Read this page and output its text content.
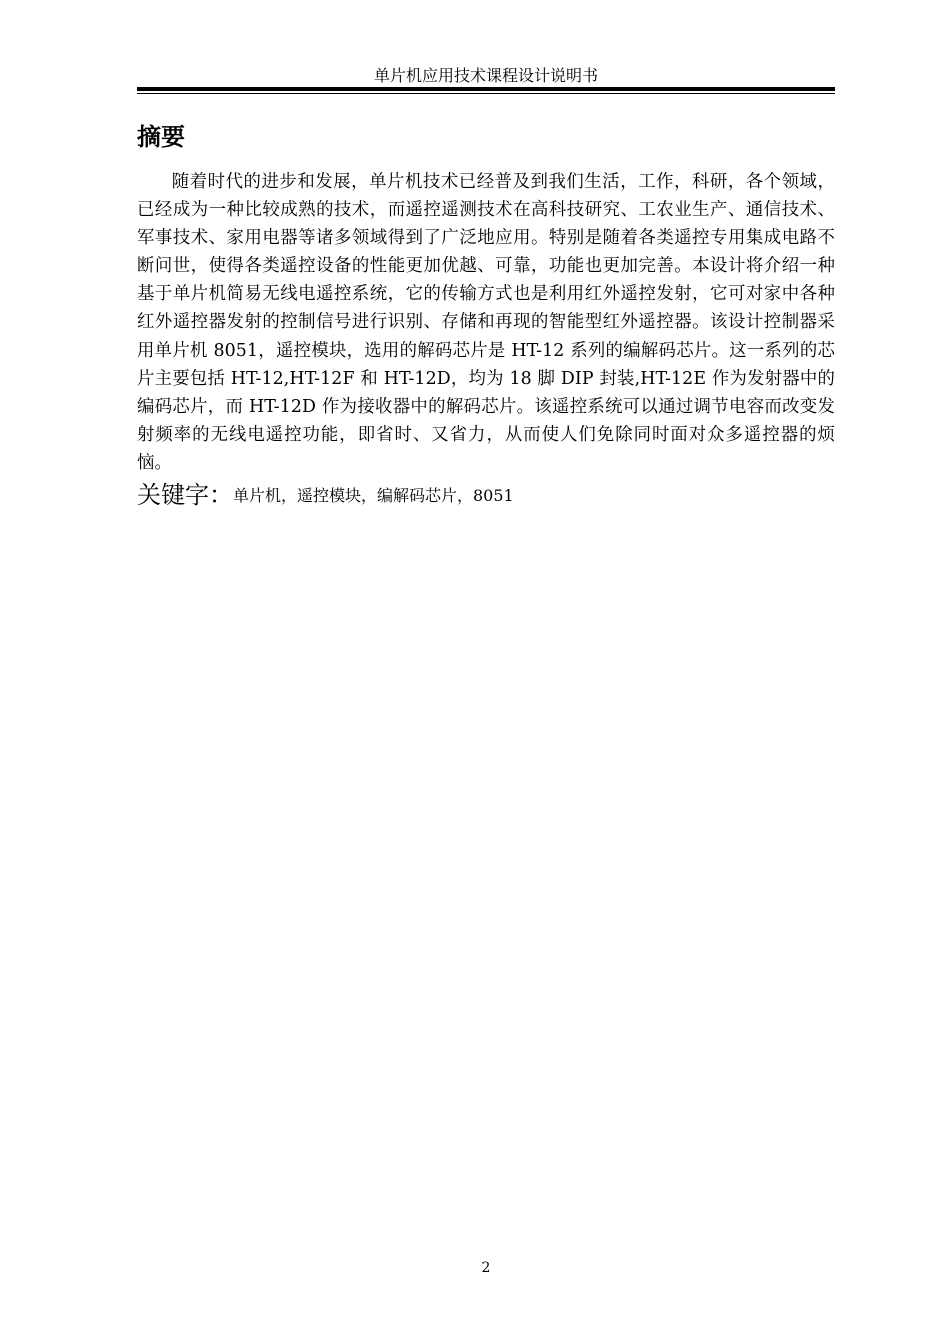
单片机应用技术课程设计说明书
摘要

随着时代的进步和发展，单片机技术已经普及到我们生活，工作，科研，各个领域，已经成为一种比较成熟的技术，而遥控遥测技术在高科技研究、工农业生产、通信技术、军事技术、家用电器等诸多领域得到了广泛地应用。特别是随着各类遥控专用集成电路不断问世，使得各类遥控设备的性能更加优越、可靠，功能也更加完善。本设计将介绍一种基于单片机简易无线电遥控系统，它的传输方式也是利用红外遥控发射，它可对家中各种红外遥控器发射的控制信号进行识别、存储和再现的智能型红外遥控器。该设计控制器采用单片机 8051，遥控模块，选用的解码芯片是 HT-12 系列的编解码芯片。这一系列的芯片主要包括 HT-12,HT-12F 和 HT-12D，均为 18 脚 DIP 封装,HT-12E 作为发射器中的编码芯片，而 HT-12D 作为接收器中的解码芯片。该遥控系统可以通过调节电容而改变发射频率的无线电遥控功能，即省时、又省力，从而使人们免除同时面对众多遥控器的烦恼。

关键字：单片机，遥控模块，编解码芯片，8051
2
